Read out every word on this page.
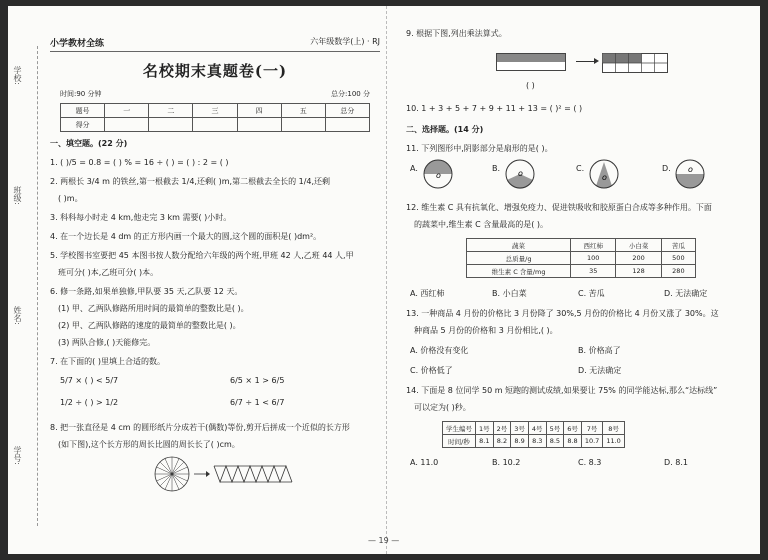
学校:
班级:
姓名:
学号:
小学教材全练	六年级数学(上) · RJ
名校期末真题卷(一)
时间:90 分钟	总分:100 分
题号	一	二	三	四	五	总分
得分						
一、填空题。(22 分)
1. ( )/5 = 0.8 = ( ) % = 16 ÷ ( ) = ( ) : 2 = ( )
2. 两根长 3/4 m 的铁丝,第一根截去 1/4,还剩( )m,第二根截去全长的 1/4,还剩
( )m。
3. 科科每小时走 4 km,他走完 3 km 需要( )小时。
4. 在一个边长是 4 dm 的正方形内画一个最大的圆,这个圆的面积是( )dm²。
5. 学校图书室要把 45 本图书按人数分配给六年级的两个班,甲班 42 人,乙班 44 人,甲
班可分( )本,乙班可分( )本。
6. 修一条路,如果单独修,甲队要 35 天,乙队要 12 天。
(1) 甲、乙两队修路所用时间的最简单的整数比是( )。
(2) 甲、乙两队修路的速度的最简单的整数比是( )。
(3) 两队合修,( )天能修完。
7. 在下面的( )里填上合适的数。
5/7 × ( ) < 5/7	6/5 × 1 > 6/5
1/2 ÷ ( ) > 1/2	6/7 ÷ 1 < 6/7
8. 把一张直径是 4 cm 的圆形纸片分成若干(偶数)等份,剪开后拼成一个近似的长方形
(如下图),这个长方形的周长比圆的周长长了( )cm。
9. 根据下图,列出乘法算式。
( )
10. 1 + 3 + 5 + 7 + 9 + 11 + 13 = ( )² = ( )
二、选择题。(14 分)
11. 下列图形中,阴影部分是扇形的是( )。
A.
o
B.
o
C.
o
D. o
12. 维生素 C 具有抗氧化、增强免疫力、促进铁吸收和胶原蛋白合成等多种作用。下面
的蔬菜中,维生素 C 含量最高的是( )。
蔬菜	西红柿	小白菜	苦瓜
总质量/g	100	200	500
维生素 C 含量/mg	35	128	280
A. 西红柿	B. 小白菜	C. 苦瓜	D. 无法确定
13. 一种商品 4 月份的价格比 3 月份降了 30%,5 月份的价格比 4 月份又涨了 30%。这
种商品 5 月份的价格和 3 月份相比,( )。
A. 价格没有变化	B. 价格高了
C. 价格低了	D. 无法确定
14. 下面是 8 位同学 50 m 短跑的测试成绩,如果要让 75% 的同学能达标,那么“达标线”
可以定为( )秒。
学生编号	1号	2号	3号	4号	5号	6号	7号	8号
时间/秒	8.1	8.2	8.9	8.3	8.5	8.8	10.7	11.0
A. 11.0	B. 10.2	C. 8.3	D. 8.1
— 19 —
